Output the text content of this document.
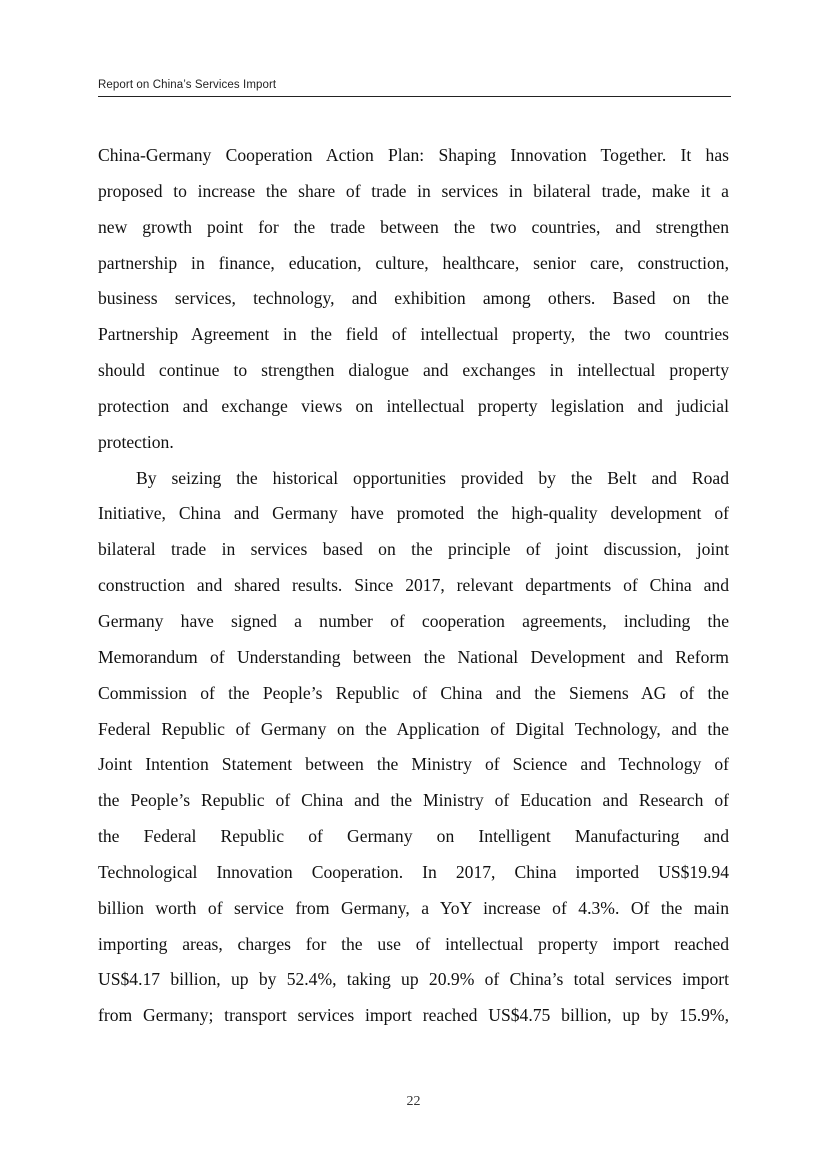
Report on China’s Services Import
China-Germany Cooperation Action Plan: Shaping Innovation Together. It has
proposed to increase the share of trade in services in bilateral trade, make it a
new growth point for the trade between the two countries, and strengthen
partnership in finance, education, culture, healthcare, senior care, construction,
business services, technology, and exhibition among others. Based on the
Partnership Agreement in the field of intellectual property, the two countries
should continue to strengthen dialogue and exchanges in intellectual property
protection and exchange views on intellectual property legislation and judicial
protection.
By seizing the historical opportunities provided by the Belt and Road
Initiative, China and Germany have promoted the high-quality development of
bilateral trade in services based on the principle of joint discussion, joint
construction and shared results. Since 2017, relevant departments of China and
Germany have signed a number of cooperation agreements, including the
Memorandum of Understanding between the National Development and Reform
Commission of the People’s Republic of China and the Siemens AG of the
Federal Republic of Germany on the Application of Digital Technology, and the
Joint Intention Statement between the Ministry of Science and Technology of
the People’s Republic of China and the Ministry of Education and Research of
the Federal Republic of Germany on Intelligent Manufacturing and
Technological Innovation Cooperation. In 2017, China imported US$19.94
billion worth of service from Germany, a YoY increase of 4.3%. Of the main
importing areas, charges for the use of intellectual property import reached
US$4.17 billion, up by 52.4%, taking up 20.9% of China’s total services import
from Germany; transport services import reached US$4.75 billion, up by 15.9%,
22
